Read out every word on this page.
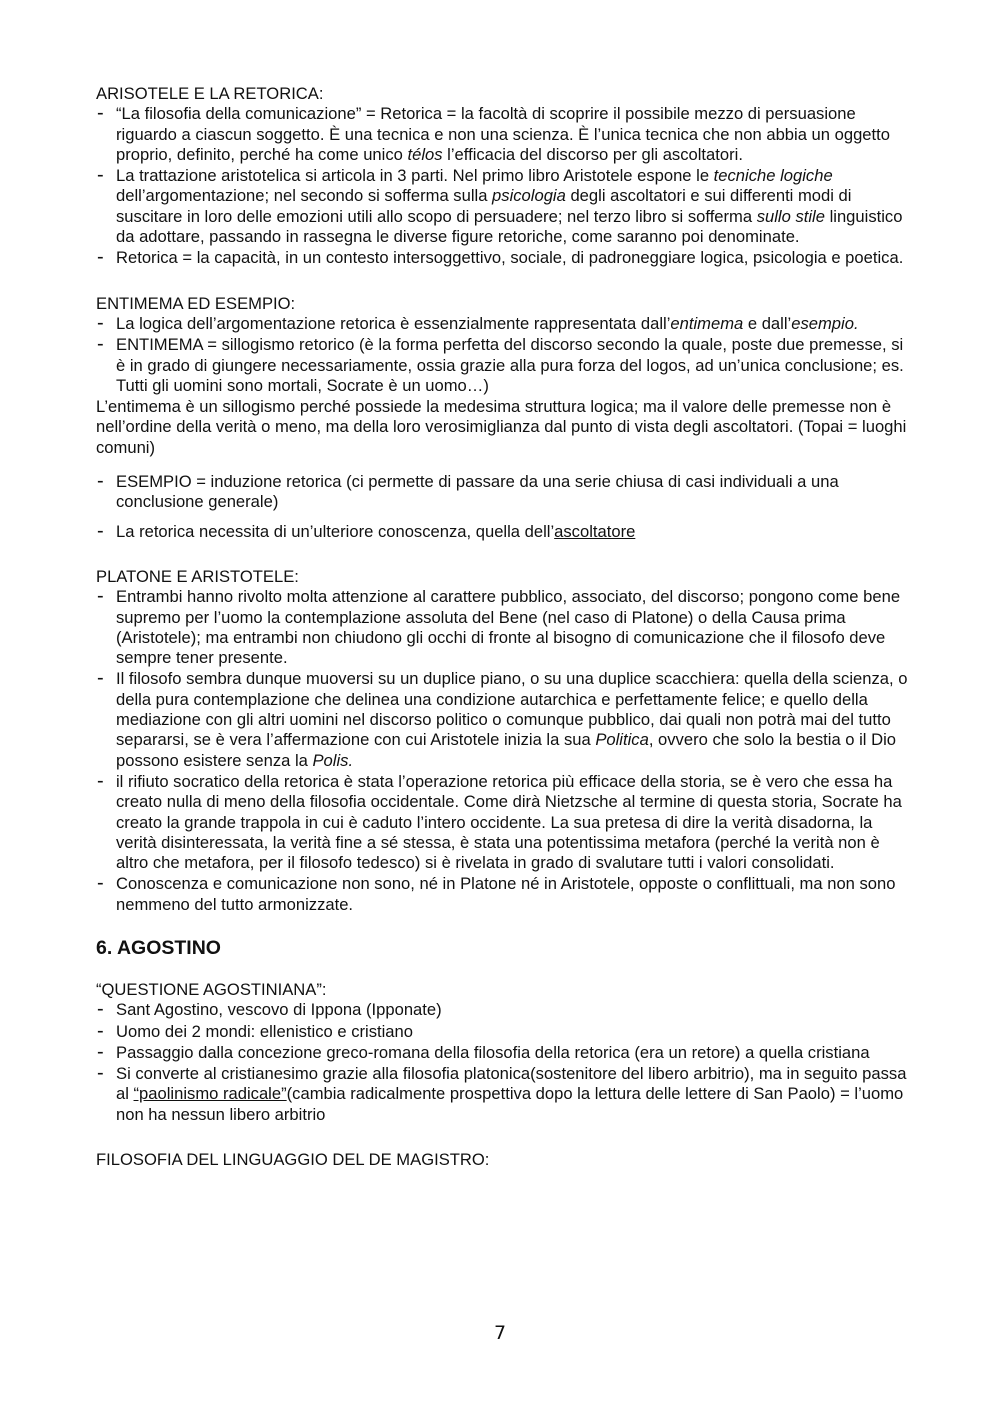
ARISOTELE E LA RETORICA:

- “La filosofia della comunicazione” = Retorica = la facoltà di scoprire il possibile mezzo di persuasione riguardo a ciascun soggetto. È una tecnica e non una scienza. È l’unica tecnica che non abbia un oggetto proprio, definito, perché ha come unico télos l’efficacia del discorso per gli ascoltatori.
- La trattazione aristotelica si articola in 3 parti. Nel primo libro Aristotele espone le tecniche logiche dell’argomentazione; nel secondo si sofferma sulla psicologia degli ascoltatori e sui differenti modi di suscitare in loro delle emozioni utili allo scopo di persuadere; nel terzo libro si sofferma sullo stile linguistico da adottare, passando in rassegna le diverse figure retoriche, come saranno poi denominate.
- Retorica = la capacità, in un contesto intersoggettivo, sociale, di padroneggiare logica, psicologia e poetica.

ENTIMEMA ED ESEMPIO:

- La logica dell’argomentazione retorica è essenzialmente rappresentata dall’entimema e dall’esempio.
- ENTIMEMA = sillogismo retorico (è la forma perfetta del discorso secondo la quale, poste due premesse, si è in grado di giungere necessariamente, ossia grazie alla pura forza del logos, ad un’unica conclusione; es. Tutti gli uomini sono mortali, Socrate è un uomo…)

L’entimema è un sillogismo perché possiede la medesima struttura logica; ma il valore delle premesse non è nell’ordine della verità o meno, ma della loro verosimiglianza dal punto di vista degli ascoltatori. (Topai = luoghi comuni)

- ESEMPIO = induzione retorica (ci permette di passare da una serie chiusa di casi individuali a una conclusione generale)
- La retorica necessita di un’ulteriore conoscenza, quella dell’ascoltatore

PLATONE E ARISTOTELE:

- Entrambi hanno rivolto molta attenzione al carattere pubblico, associato, del discorso; pongono come bene supremo per l’uomo la contemplazione assoluta del Bene (nel caso di Platone) o della Causa prima (Aristotele); ma entrambi non chiudono gli occhi di fronte al bisogno di comunicazione che il filosofo deve sempre tener presente.
- Il filosofo sembra dunque muoversi su un duplice piano, o su una duplice scacchiera: quella della scienza, o della pura contemplazione che delinea una condizione autarchica e perfettamente felice; e quello della mediazione con gli altri uomini nel discorso politico o comunque pubblico, dai quali non potrà mai del tutto separarsi, se è vera l’affermazione con cui Aristotele inizia la sua Politica, ovvero che solo la bestia o il Dio possono esistere senza la Polis.
- il rifiuto socratico della retorica è stata l’operazione retorica più efficace della storia, se è vero che essa ha creato nulla di meno della filosofia occidentale. Come dirà Nietzsche al termine di questa storia, Socrate ha creato la grande trappola in cui è caduto l’intero occidente. La sua pretesa di dire la verità disadorna, la verità disinteressata, la verità fine a sé stessa, è stata una potentissima metafora (perché la verità non è altro che metafora, per il filosofo tedesco) si è rivelata in grado di svalutare tutti i valori consolidati.
- Conoscenza e comunicazione non sono, né in Platone né in Aristotele, opposte o conflittuali, ma non sono nemmeno del tutto armonizzate.

6. AGOSTINO

“QUESTIONE AGOSTINIANA”:

- Sant Agostino, vescovo di Ippona (Ipponate)
- Uomo dei 2 mondi: ellenistico e cristiano
- Passaggio dalla concezione greco-romana della filosofia della retorica (era un retore) a quella cristiana
- Si converte al cristianesimo grazie alla filosofia platonica(sostenitore del libero arbitrio), ma in seguito passa al “paolinismo radicale”(cambia radicalmente prospettiva dopo la lettura delle lettere di San Paolo) = l’uomo non ha nessun libero arbitrio

FILOSOFIA DEL LINGUAGGIO DEL DE MAGISTRO:

7
